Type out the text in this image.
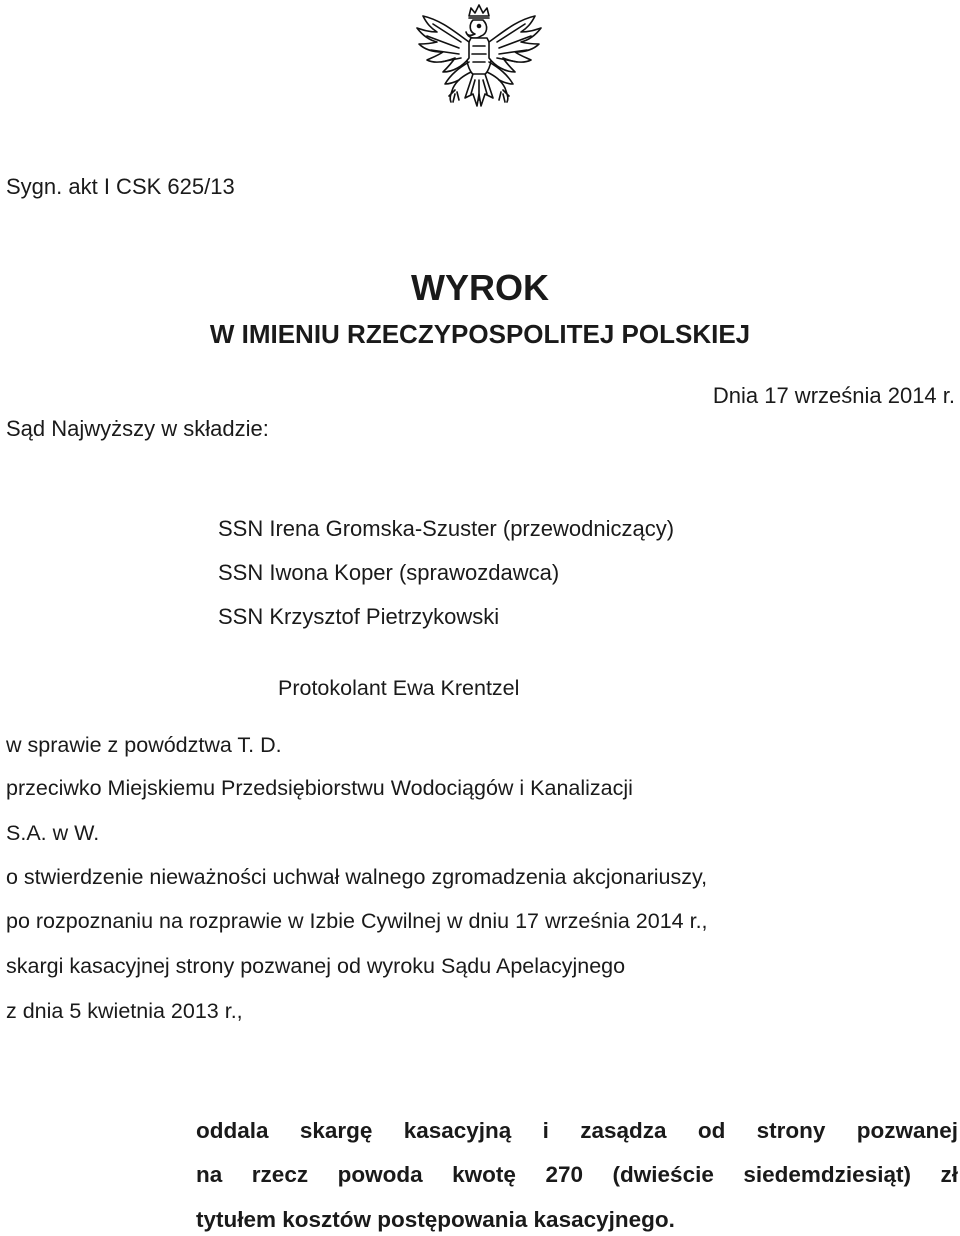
Sygn. akt I CSK 625/13
WYROK
W IMIENIU RZECZYPOSPOLITEJ POLSKIEJ
Dnia 17 września 2014 r.
Sąd Najwyższy w składzie:
SSN Irena Gromska-Szuster (przewodniczący)
SSN Iwona Koper (sprawozdawca)
SSN Krzysztof Pietrzykowski
Protokolant Ewa Krentzel
w sprawie z powództwa T. D.
przeciwko Miejskiemu Przedsiębiorstwu Wodociągów i Kanalizacji
S.A. w W.
o stwierdzenie nieważności uchwał walnego zgromadzenia akcjonariuszy,
po rozpoznaniu na rozprawie w Izbie Cywilnej w dniu 17 września 2014 r.,
skargi kasacyjnej strony pozwanej od wyroku Sądu Apelacyjnego
z dnia 5 kwietnia 2013 r.,
oddala skargę kasacyjną i zasądza od strony pozwanej
na rzecz powoda kwotę 270 (dwieście siedemdziesiąt) zł
tytułem kosztów postępowania kasacyjnego.
